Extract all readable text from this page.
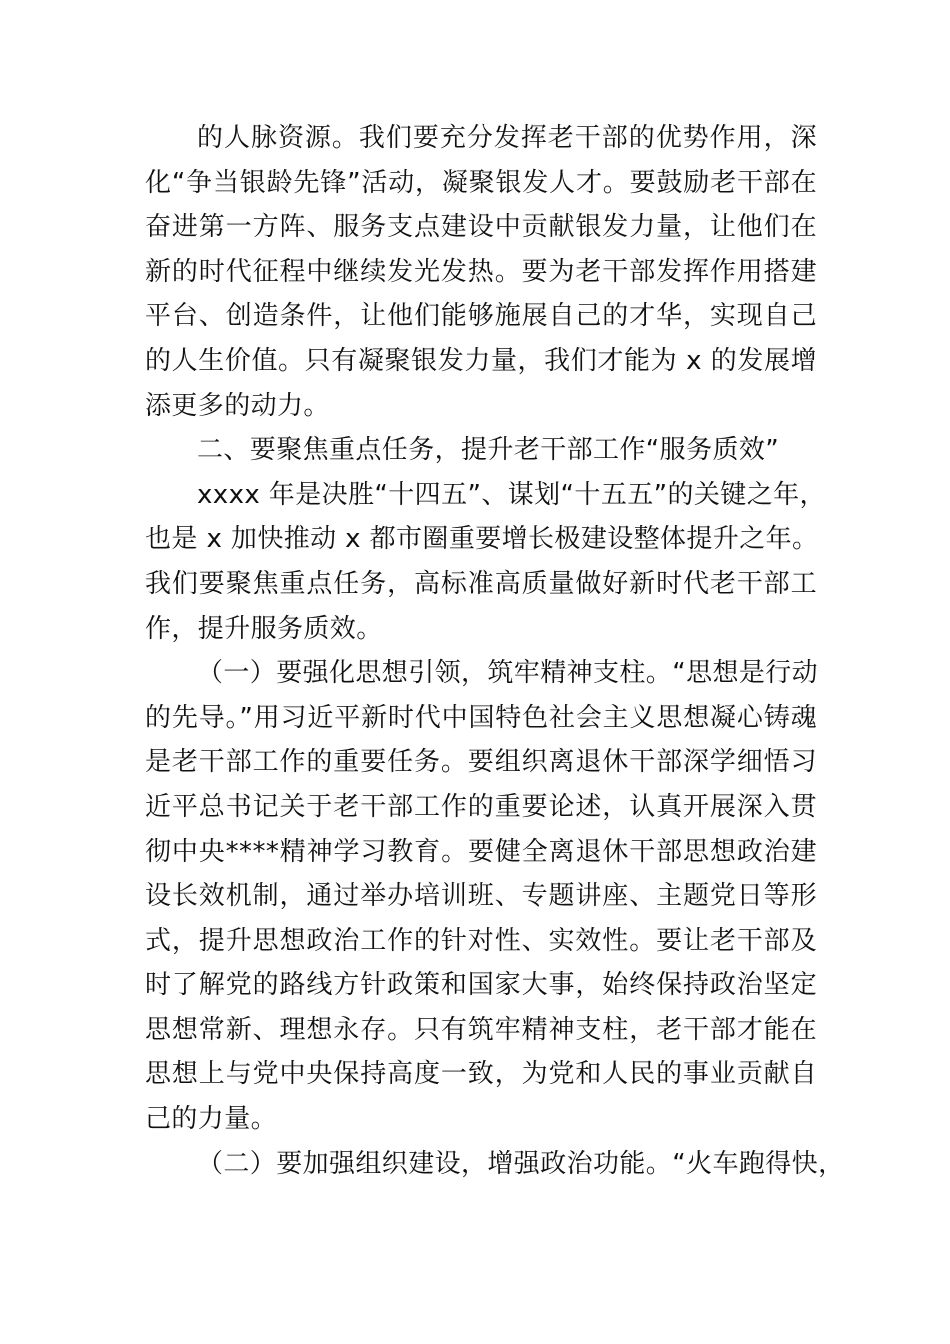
的人脉资源。我们要充分发挥老干部的优势作用，深
化“争当银龄先锋”活动，凝聚银发人才。要鼓励老干部在
奋进第一方阵、服务支点建设中贡献银发力量，让他们在
新的时代征程中继续发光发热。要为老干部发挥作用搭建
平台、创造条件，让他们能够施展自己的才华，实现自己
的人生价值。只有凝聚银发力量，我们才能为 x 的发展增
添更多的动力。
二、要聚焦重点任务，提升老干部工作“服务质效”
xxxx 年是决胜“十四五”、谋划“十五五”的关键之年，
也是 x 加快推动 x 都市圈重要增长极建设整体提升之年。
我们要聚焦重点任务，高标准高质量做好新时代老干部工
作，提升服务质效。
（一）要强化思想引领，筑牢精神支柱。“思想是行动
的先导。”用习近平新时代中国特色社会主义思想凝心铸魂
是老干部工作的重要任务。要组织离退休干部深学细悟习
近平总书记关于老干部工作的重要论述，认真开展深入贯
彻中央****精神学习教育。要健全离退休干部思想政治建
设长效机制，通过举办培训班、专题讲座、主题党日等形
式，提升思想政治工作的针对性、实效性。要让老干部及
时了解党的路线方针政策和国家大事，始终保持政治坚定
思想常新、理想永存。只有筑牢精神支柱，老干部才能在
思想上与党中央保持高度一致，为党和人民的事业贡献自
己的力量。
（二）要加强组织建设，增强政治功能。“火车跑得快，
